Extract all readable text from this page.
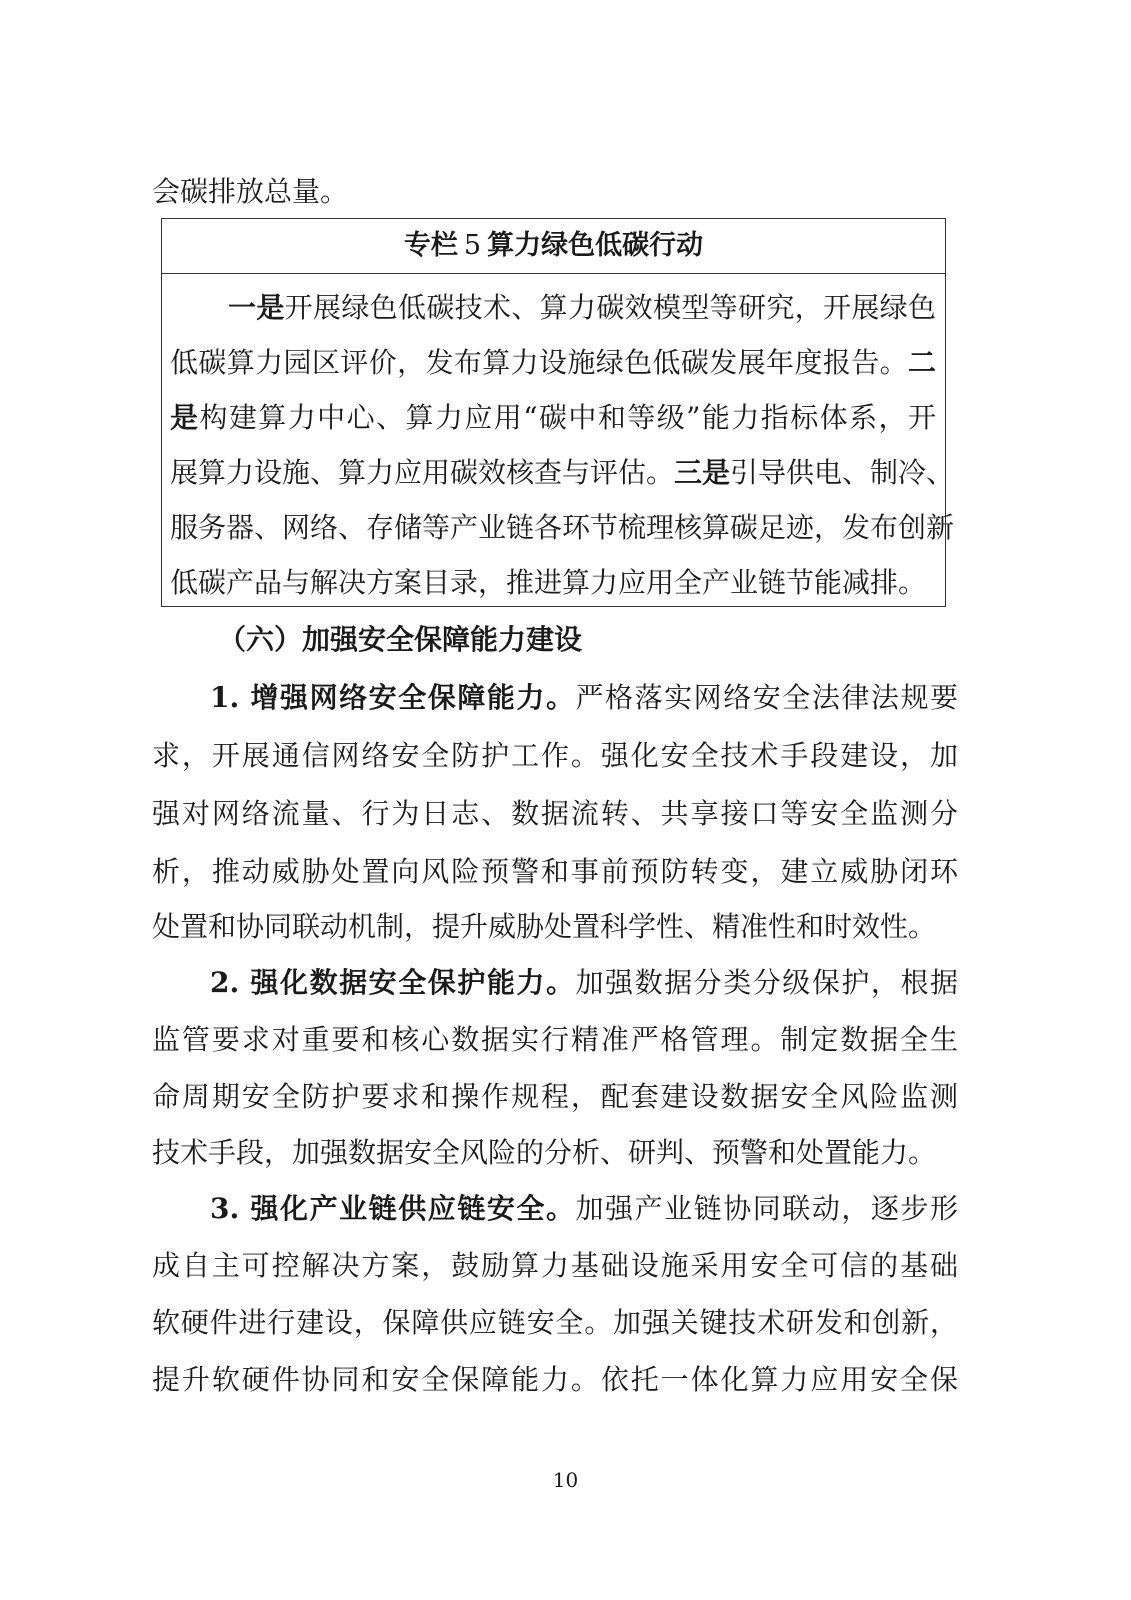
会碳排放总量。

专栏 5 算力绿色低碳行动
一是开展绿色低碳技术、算力碳效模型等研究，开展绿色
低碳算力园区评价，发布算力设施绿色低碳发展年度报告。二
是构建算力中心、算力应用“碳中和等级”能力指标体系，开
展算力设施、算力应用碳效核查与评估。三是引导供电、制冷、
服务器、网络、存储等产业链各环节梳理核算碳足迹，发布创新
低碳产品与解决方案目录，推进算力应用全产业链节能减排。
（六）加强安全保障能力建设
1. 增强网络安全保障能力。严格落实网络安全法律法规要
求，开展通信网络安全防护工作。强化安全技术手段建设，加
强对网络流量、行为日志、数据流转、共享接口等安全监测分
析，推动威胁处置向风险预警和事前预防转变，建立威胁闭环
处置和协同联动机制，提升威胁处置科学性、精准性和时效性。
2. 强化数据安全保护能力。加强数据分类分级保护，根据
监管要求对重要和核心数据实行精准严格管理。制定数据全生
命周期安全防护要求和操作规程，配套建设数据安全风险监测
技术手段，加强数据安全风险的分析、研判、预警和处置能力。
3. 强化产业链供应链安全。加强产业链协同联动，逐步形
成自主可控解决方案，鼓励算力基础设施采用安全可信的基础
软硬件进行建设，保障供应链安全。加强关键技术研发和创新，
提升软硬件协同和安全保障能力。依托一体化算力应用安全保
10
